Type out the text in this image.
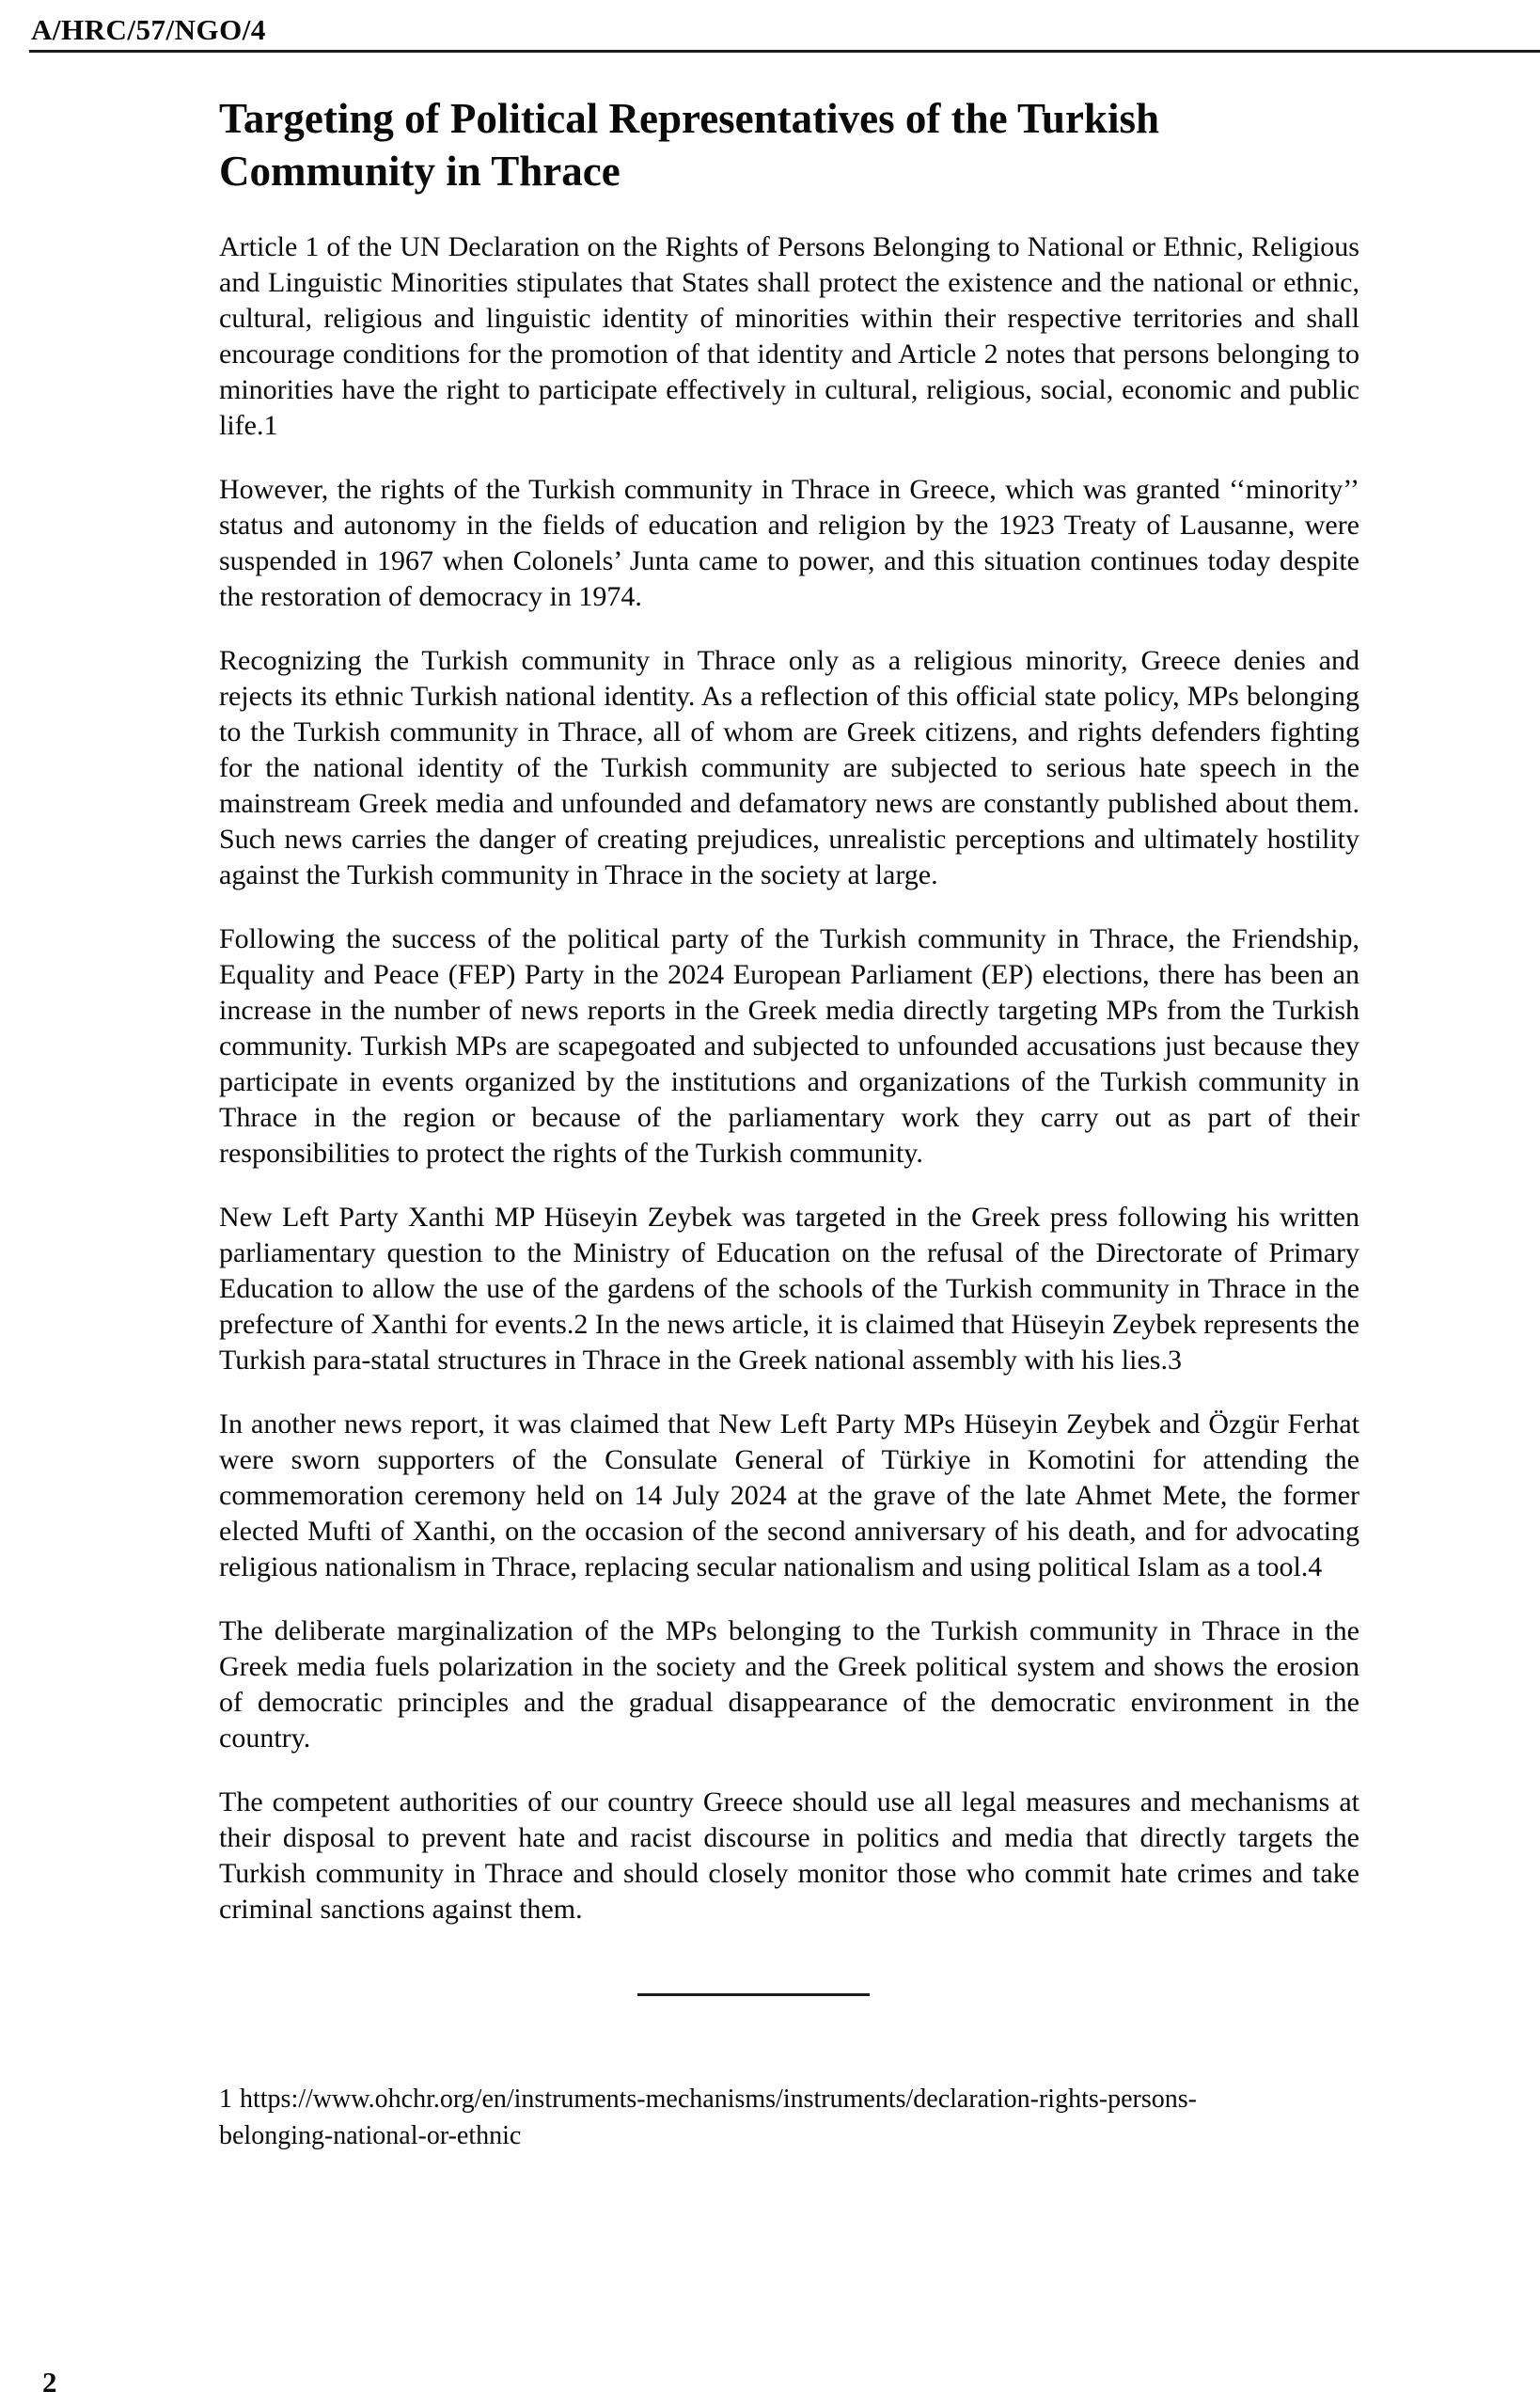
A/HRC/57/NGO/4
Targeting of Political Representatives of the Turkish Community in Thrace

Article 1 of the UN Declaration on the Rights of Persons Belonging to National or Ethnic, Religious and Linguistic Minorities stipulates that States shall protect the existence and the national or ethnic, cultural, religious and linguistic identity of minorities within their respective territories and shall encourage conditions for the promotion of that identity and Article 2 notes that persons belonging to minorities have the right to participate effectively in cultural, religious, social, economic and public life.1

However, the rights of the Turkish community in Thrace in Greece, which was granted ‘‘minority’’ status and autonomy in the fields of education and religion by the 1923 Treaty of Lausanne, were suspended in 1967 when Colonels’ Junta came to power, and this situation continues today despite the restoration of democracy in 1974.

Recognizing the Turkish community in Thrace only as a religious minority, Greece denies and rejects its ethnic Turkish national identity. As a reflection of this official state policy, MPs belonging to the Turkish community in Thrace, all of whom are Greek citizens, and rights defenders fighting for the national identity of the Turkish community are subjected to serious hate speech in the mainstream Greek media and unfounded and defamatory news are constantly published about them. Such news carries the danger of creating prejudices, unrealistic perceptions and ultimately hostility against the Turkish community in Thrace in the society at large.

Following the success of the political party of the Turkish community in Thrace, the Friendship, Equality and Peace (FEP) Party in the 2024 European Parliament (EP) elections, there has been an increase in the number of news reports in the Greek media directly targeting MPs from the Turkish community. Turkish MPs are scapegoated and subjected to unfounded accusations just because they participate in events organized by the institutions and organizations of the Turkish community in Thrace in the region or because of the parliamentary work they carry out as part of their responsibilities to protect the rights of the Turkish community.

New Left Party Xanthi MP Hüseyin Zeybek was targeted in the Greek press following his written parliamentary question to the Ministry of Education on the refusal of the Directorate of Primary Education to allow the use of the gardens of the schools of the Turkish community in Thrace in the prefecture of Xanthi for events.2 In the news article, it is claimed that Hüseyin Zeybek represents the Turkish para-statal structures in Thrace in the Greek national assembly with his lies.3

In another news report, it was claimed that New Left Party MPs Hüseyin Zeybek and Özgür Ferhat were sworn supporters of the Consulate General of Türkiye in Komotini for attending the commemoration ceremony held on 14 July 2024 at the grave of the late Ahmet Mete, the former elected Mufti of Xanthi, on the occasion of the second anniversary of his death, and for advocating religious nationalism in Thrace, replacing secular nationalism and using political Islam as a tool.4

The deliberate marginalization of the MPs belonging to the Turkish community in Thrace in the Greek media fuels polarization in the society and the Greek political system and shows the erosion of democratic principles and the gradual disappearance of the democratic environment in the country.

The competent authorities of our country Greece should use all legal measures and mechanisms at their disposal to prevent hate and racist discourse in politics and media that directly targets the Turkish community in Thrace and should closely monitor those who commit hate crimes and take criminal sanctions against them.

1 https://www.ohchr.org/en/instruments-mechanisms/instruments/declaration-rights-persons-belonging-national-or-ethnic

2
